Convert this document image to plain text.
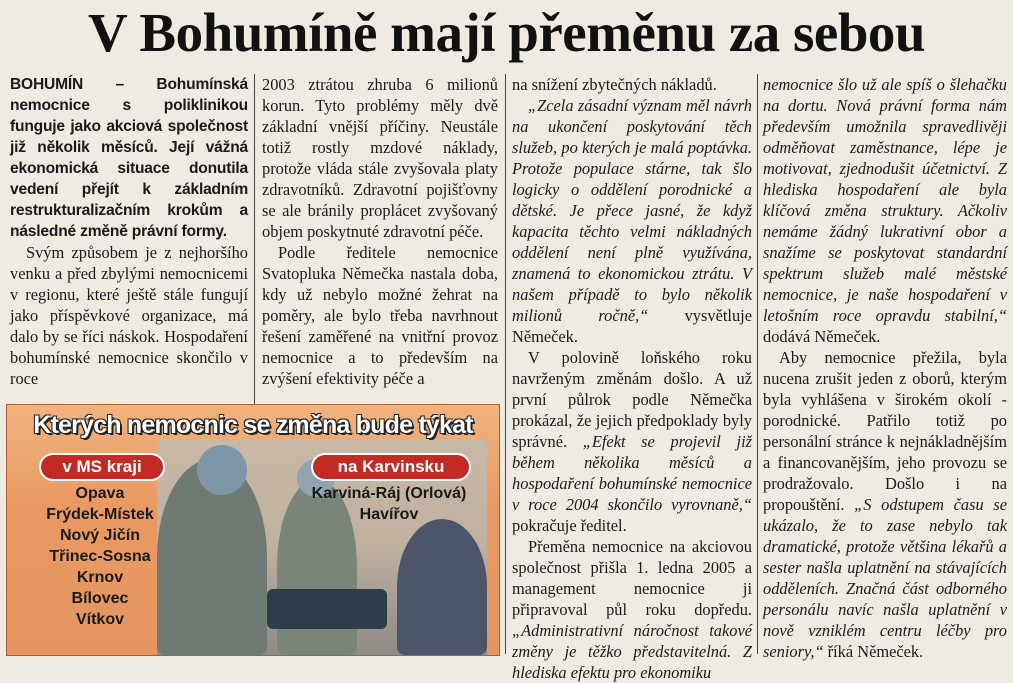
V Bohumíně mají přeměnu za sebou

BOHUMÍN – Bohumínská nemocnice s poliklinikou funguje jako akciová společnost již několik měsíců. Její vážná ekonomická situace donutila vedení přejít k základním restrukturalizačním krokům a následné změně právní formy.

Svým způsobem je z nejhoršího venku a před zbylými nemocnicemi v regionu, které ještě stále fungují jako příspěvkové organizace, má dalo by se říci náskok. Hospodaření bohumínské nemocnice skončilo v roce

2003 ztrátou zhruba 6 milionů korun. Tyto problémy měly dvě základní vnější příčiny. Neustále totiž rostly mzdové náklady, protože vláda stále zvyšovala platy zdravotníků. Zdravotní pojišťovny se ale bránily proplácet zvyšovaný objem poskytnuté zdravotní péče.

Podle ředitele nemocnice Svatopluka Němečka nastala doba, kdy už nebylo možné žehrat na poměry, ale bylo třeba navrhnout řešení zaměřené na vnitřní provoz nemocnice a to především na zvýšení efektivity péče a

na snížení zbytečných nákladů.

„Zcela zásadní význam měl návrh na ukončení poskytování těch služeb, po kterých je malá poptávka. Protože populace stárne, tak šlo logicky o oddělení porodnické a dětské. Je přece jasné, že když kapacita těchto velmi nákladných oddělení není plně využívána, znamená to ekonomickou ztrátu. V našem případě to bylo několik milionů ročně,“ vysvětluje Němeček.

V polovině loňského roku navrženým změnám došlo. A už první půlrok podle Němečka prokázal, že jejich předpoklady byly správné. „Efekt se projevil již během několika měsíců a hospodaření bohumínské nemocnice v roce 2004 skončilo vyrovnaně,“ pokračuje ředitel.

Přeměna nemocnice na akciovou společnost přišla 1. ledna 2005 a management nemocnice ji připravoval půl roku dopředu. „Administrativní náročnost takové změny je těžko představitelná. Z hlediska efektu pro ekonomiku

nemocnice šlo už ale spíš o šlehačku na dortu. Nová právní forma nám především umožnila spravedlivěji odměňovat zaměstnance, lépe je motivovat, zjednodušit účetnictví. Z hlediska hospodaření ale byla klíčová změna struktury. Ačkoliv nemáme žádný lukrativní obor a snažíme se poskytovat standardní spektrum služeb malé městské nemocnice, je naše hospodaření v letošním roce opravdu stabilní,“ dodává Němeček.

Aby nemocnice přežila, byla nucena zrušit jeden z oborů, kterým byla vyhlášena v širokém okolí - porodnické. Patřilo totiž po personální stránce k nejnákladnějším a financovanějším, jeho provozu se prodražovalo. Došlo i na propouštění. „S odstupem času se ukázalo, že to zase nebylo tak dramatické, protože většina lékařů a sester našla uplatnění na stávajících odděleních. Značná část odborného personálu navíc našla uplatnění v nově vzniklém centru léčby pro seniory,“ říká Němeček.

Kterých nemocnic se změna bude týkat
v MS kraji	na Karvinsku
Opava
Frýdek-Místek
Nový Jičín
Třinec-Sosna
Krnov
Bílovec
Vítkov
Karviná-Ráj (Orlová)
Havířov
